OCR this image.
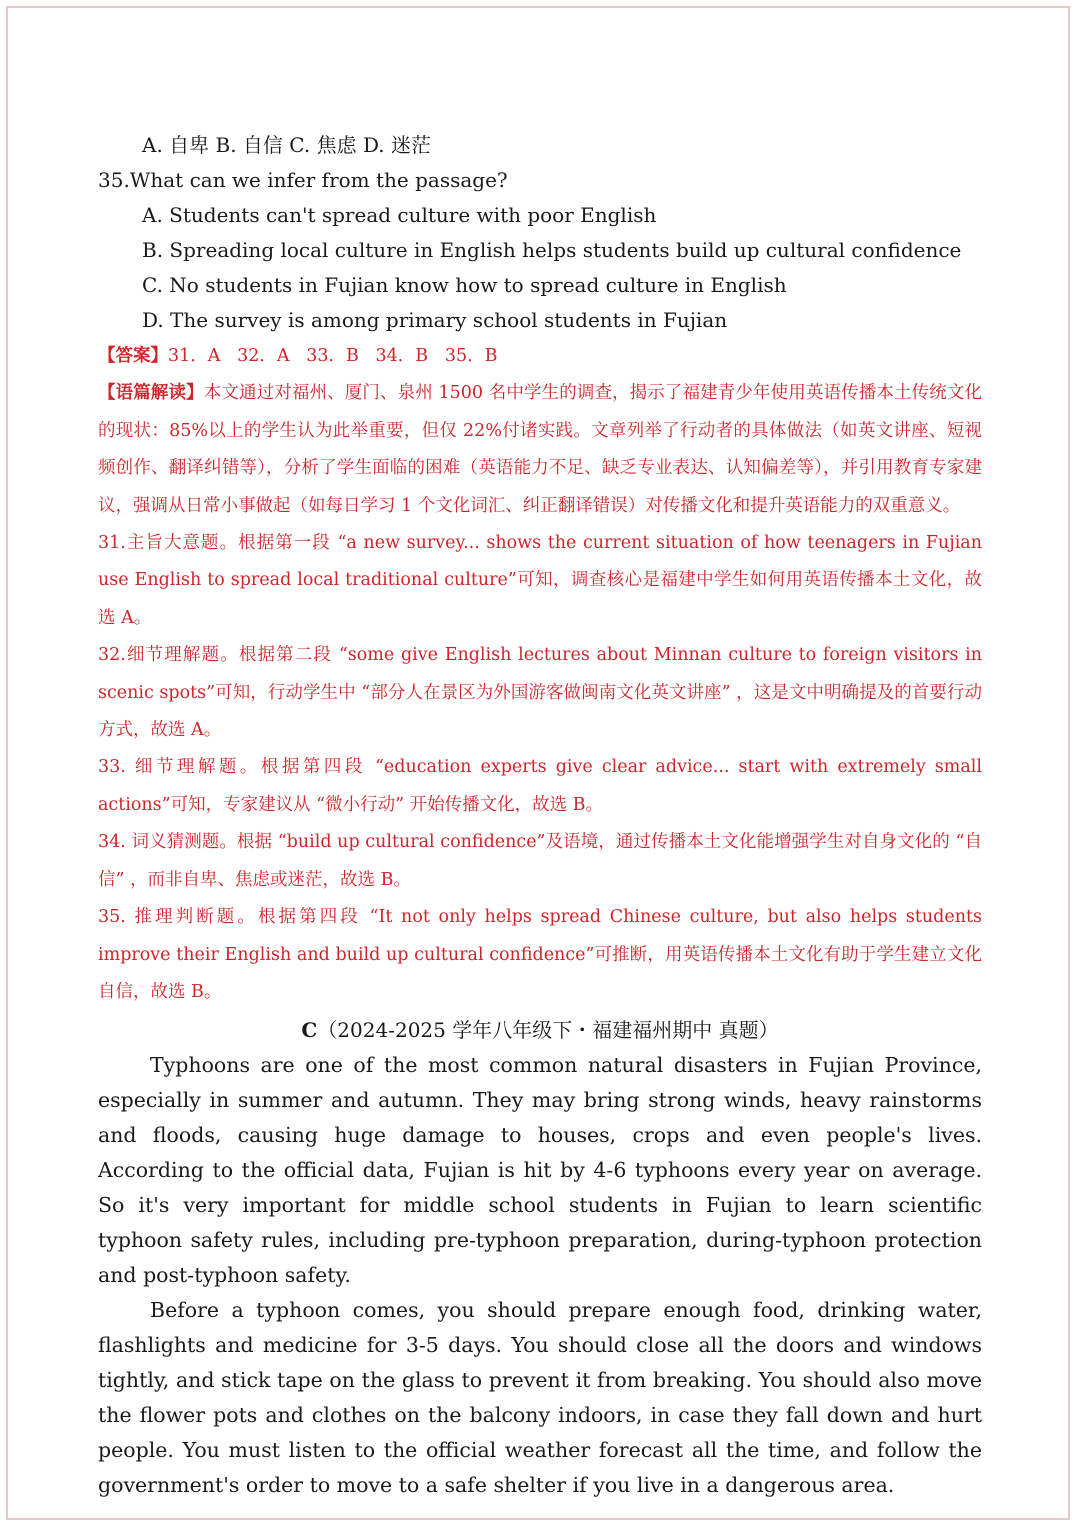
A. 自卑 B. 自信 C. 焦虑 D. 迷茫
35.What can we infer from the passage?
A. Students can't spread culture with poor English
B. Spreading local culture in English helps students build up cultural confidence
C. No students in Fujian know how to spread culture in English
D. The survey is among primary school students in Fujian
【答案】31．A   32．A   33．B   34．B   35．B
【语篇解读】本文通过对福州、厦门、泉州 1500 名中学生的调查，揭示了福建青少年使用英语传播本土传统文化的现状：85%以上的学生认为此举重要，但仅 22%付诸实践。文章列举了行动者的具体做法（如英文讲座、短视频创作、翻译纠错等），分析了学生面临的困难（英语能力不足、缺乏专业表达、认知偏差等），并引用教育专家建议，强调从日常小事做起（如每日学习 1 个文化词汇、纠正翻译错误）对传播文化和提升英语能力的双重意义。
31.主旨大意题。根据第一段 “a new survey... shows the current situation of how teenagers in Fujian use English to spread local traditional culture”可知，调查核心是福建中学生如何用英语传播本土文化，故选 A。
32.细节理解题。根据第二段 “some give English lectures about Minnan culture to foreign visitors in scenic spots”可知，行动学生中 “部分人在景区为外国游客做闽南文化英文讲座” ，这是文中明确提及的首要行动方式，故选 A。
33. 细节理解题。根据第四段 “education experts give clear advice... start with extremely small actions”可知，专家建议从 “微小行动” 开始传播文化，故选 B。
34. 词义猜测题。根据 “build up cultural confidence”及语境，通过传播本土文化能增强学生对自身文化的 “自信” ，而非自卑、焦虑或迷茫，故选 B。
35. 推理判断题。根据第四段 “It not only helps spread Chinese culture, but also helps students improve their English and build up cultural confidence”可推断，用英语传播本土文化有助于学生建立文化自信，故选 B。
C（2024-2025 学年八年级下・福建福州期中 真题）
Typhoons are one of the most common natural disasters in Fujian Province, especially in summer and autumn. They may bring strong winds, heavy rainstorms and floods, causing huge damage to houses, crops and even people's lives. According to the official data, Fujian is hit by 4-6 typhoons every year on average. So it's very important for middle school students in Fujian to learn scientific typhoon safety rules, including pre-typhoon preparation, during-typhoon protection and post-typhoon safety.
Before a typhoon comes, you should prepare enough food, drinking water, flashlights and medicine for 3-5 days. You should close all the doors and windows tightly, and stick tape on the glass to prevent it from breaking. You should also move the flower pots and clothes on the balcony indoors, in case they fall down and hurt people. You must listen to the official weather forecast all the time, and follow the government's order to move to a safe shelter if you live in a dangerous area.
